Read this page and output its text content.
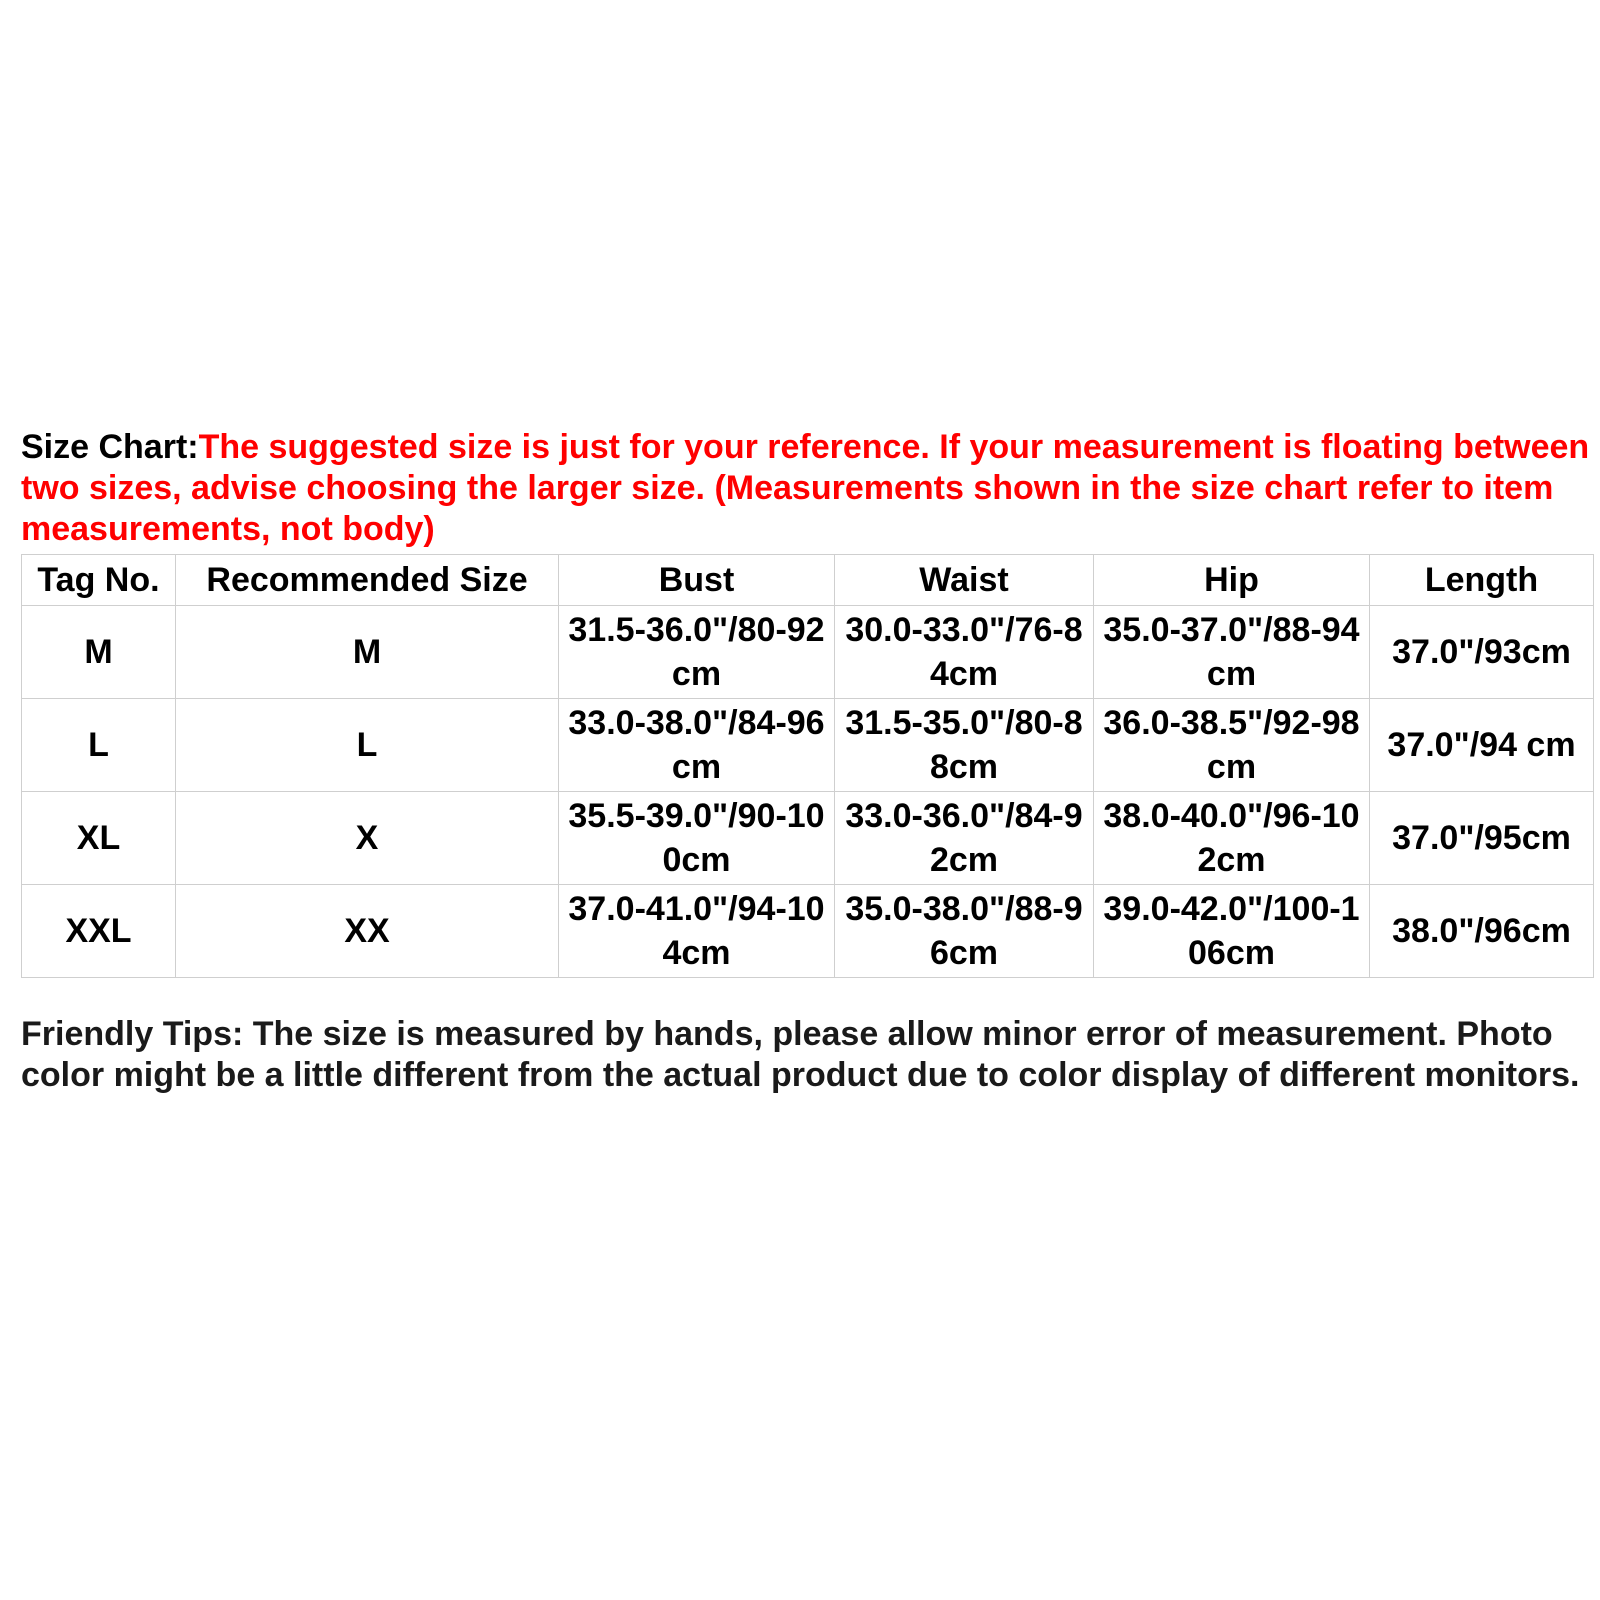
Size Chart:The suggested size is just for your reference. If your measurement is floating between two sizes, advise choosing the larger size. (Measurements shown in the size chart refer to item measurements, not body)

Tag No.	Recommended Size	Bust	Waist	Hip	Length
M	M	31.5-36.0"/80-92cm	30.0-33.0"/76-84cm	35.0-37.0"/88-94cm	37.0"/93cm
L	L	33.0-38.0"/84-96cm	31.5-35.0"/80-88cm	36.0-38.5"/92-98cm	37.0"/94 cm
XL	X	35.5-39.0"/90-100cm	33.0-36.0"/84-92cm	38.0-40.0"/96-102cm	37.0"/95cm
XXL	XX	37.0-41.0"/94-104cm	35.0-38.0"/88-96cm	39.0-42.0"/100-106cm	38.0"/96cm

Friendly Tips: The size is measured by hands, please allow minor error of measurement. Photo color might be a little different from the actual product due to color display of different monitors.
